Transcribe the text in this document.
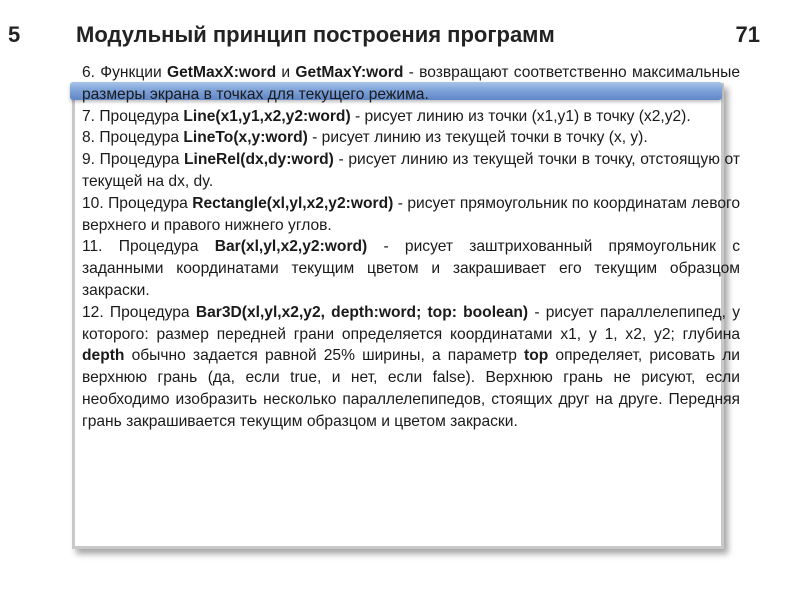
5	Модульный принцип построения программ	71

6. Функции GetMaxX:word и GetMaxY:word - возвращают соответственно максимальные размеры экрана в точках для текущего режима.

7. Процедура Line(x1,y1,x2,y2:word) - рисует линию из точки (x1,y1) в точку (x2,y2).

8. Процедура LineTo(x,y:word) - рисует линию из текущей точки в точку (x, y).

9. Процедура LineRel(dx,dy:word) - рисует линию из текущей точки в точку, отстоящую от текущей на dx, dy.

10. Процедура Rectangle(xl,yl,x2,y2:word) - рисует прямоугольник по координатам левого верхнего и правого нижнего углов.

11. Процедура Bar(xl,yl,x2,y2:word) - рисует заштрихованный прямоугольник с заданными координатами текущим цветом и закрашивает его текущим образцом закраски.

12. Процедура Bar3D(xl,yl,x2,y2, depth:word; top: boolean) - рисует параллелепипед, у которого: размер передней грани определяется координатами x1, y 1, x2, y2; глубина depth обычно задается равной 25% ширины, а параметр top определяет, рисовать ли верхнюю грань (да, если true, и нет, если false). Верхнюю грань не рисуют, если необходимо изобразить несколько параллелепипедов, стоящих друг на друге. Передняя грань закрашивается текущим образцом и цветом закраски.
